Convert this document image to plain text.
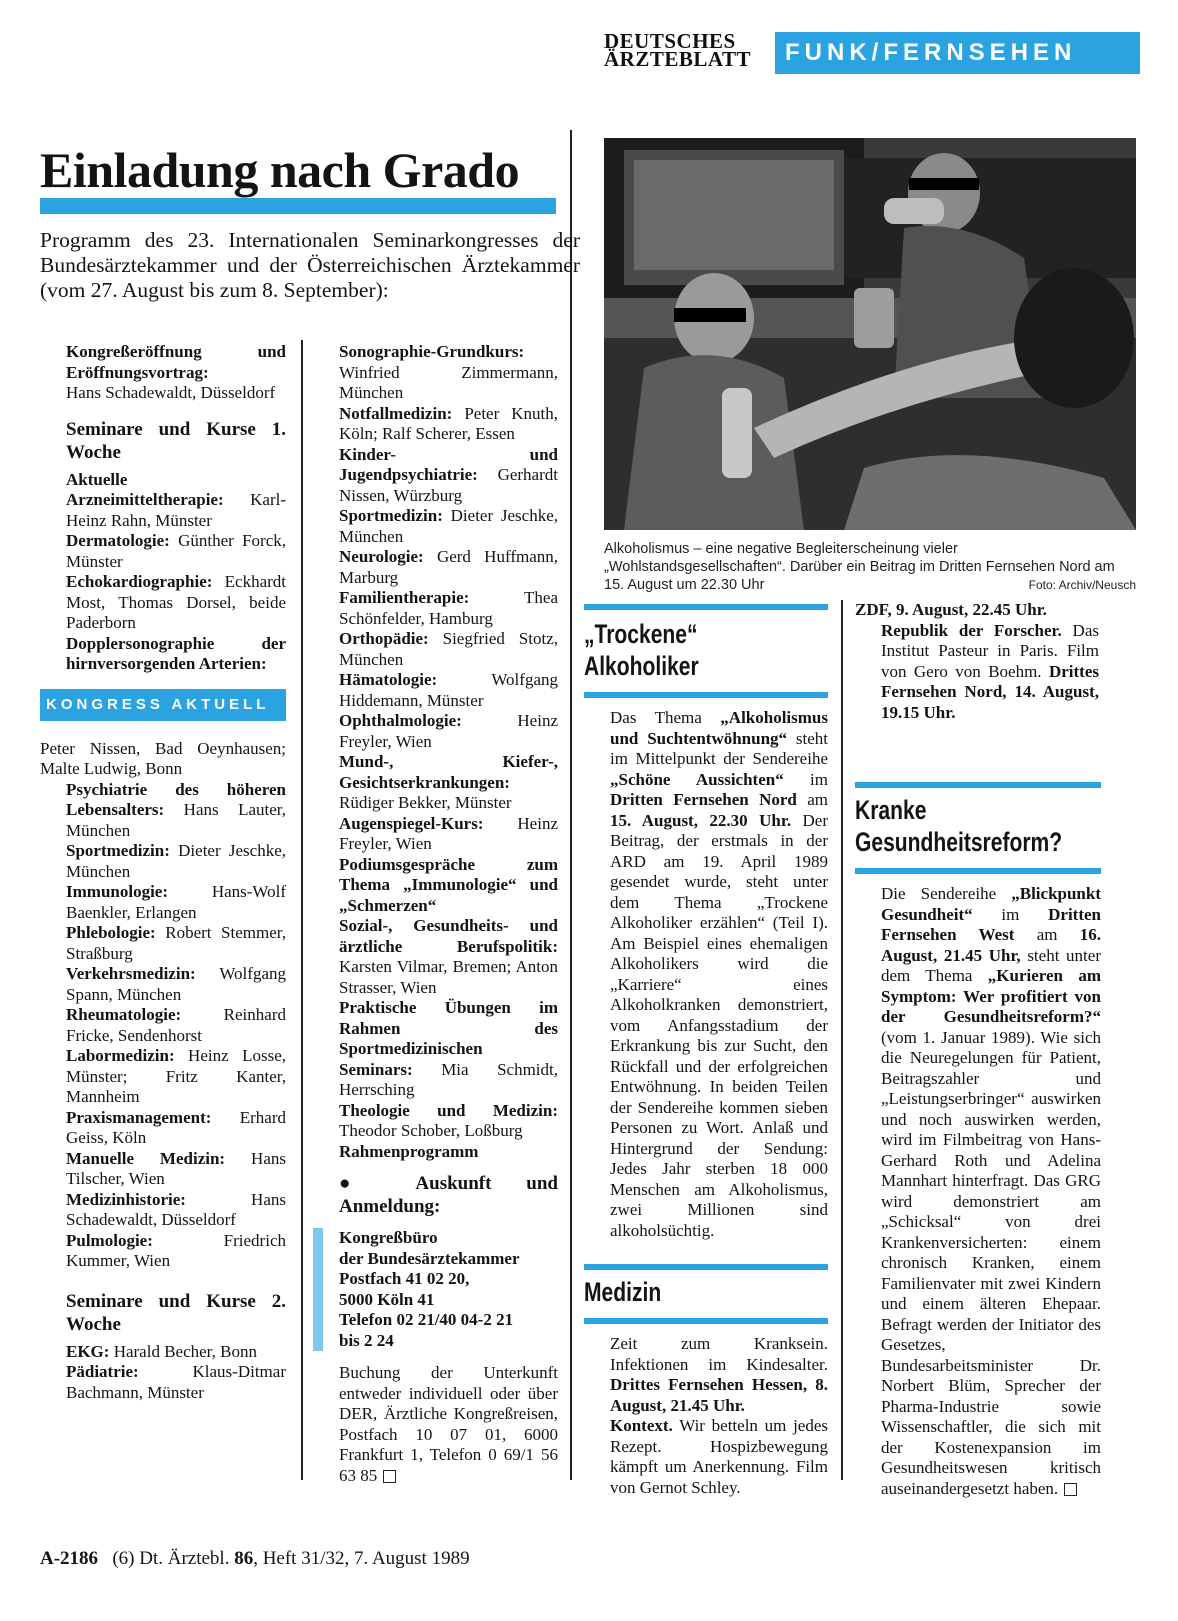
DEUTSCHES
ÄRZTEBLATT	FUNK/FERNSEHEN
Einladung nach Grado
Programm des 23. Internationalen Seminarkongresses der Bundesärztekammer und der Österreichischen Ärztekammer (vom 27. August bis zum 8. September):

Kongreßeröffnung und Eröffnungsvortrag:

Hans Schadewaldt, Düsseldorf

Seminare und Kurse 1. Woche

Aktuelle Arzneimitteltherapie: Karl-Heinz Rahn, Münster

Dermatologie: Günther Forck, Münster

Echokardiographie: Eckhardt Most, Thomas Dorsel, beide Paderborn

Dopplersonographie der hirnversorgenden Arterien:

KONGRESS AKTUELL

Peter Nissen, Bad Oeynhausen; Malte Ludwig, Bonn

Psychiatrie des höheren Lebensalters: Hans Lauter, München

Sportmedizin: Dieter Jeschke, München

Immunologie:	Hans-Wolf Baenkler, Erlangen

Phlebologie: Robert Stemmer, Straßburg

Verkehrsmedizin: Wolfgang Spann, München

Rheumatologie: Reinhard Fricke, Sendenhorst

Labormedizin: Heinz Losse, Münster; Fritz Kanter, Mannheim

Praxismanagement: Erhard Geiss, Köln

Manuelle Medizin: Hans Tilscher, Wien

Medizinhistorie:	Hans Schadewaldt, Düsseldorf

Pulmologie:	Friedrich Kummer, Wien

Seminare und Kurse 2. Woche

EKG: Harald Becher, Bonn

Pädiatrie:	Klaus-Ditmar Bachmann, Münster

Sonographie-Grundkurs: Winfried Zimmermann, München

Notfallmedizin: Peter Knuth, Köln; Ralf Scherer, Essen

Kinder- und Jugendpsychiatrie: Gerhardt Nissen, Würzburg

Sportmedizin: Dieter Jeschke, München

Neurologie: Gerd Huffmann, Marburg

Familientherapie:	Thea Schönfelder, Hamburg

Orthopädie: Siegfried Stotz, München

Hämatologie:	Wolfgang Hiddemann, Münster

Ophthalmologie:	Heinz Freyler, Wien

Mund-, Kiefer-, Gesichtserkrankungen: Rüdiger Bekker, Münster

Augenspiegel-Kurs: Heinz Freyler, Wien

Podiumsgespräche zum Thema „Immunologie“ und „Schmerzen“

Sozial-, Gesundheits- und ärztliche Berufspolitik: Karsten Vilmar, Bremen; Anton Strasser, Wien

Praktische Übungen im Rahmen des Sportmedizinischen Seminars: Mia Schmidt, Herrsching

Theologie und Medizin: Theodor Schober, Loßburg

Rahmenprogramm

● Auskunft und Anmeldung:

Kongreßbüro
der Bundesärztekammer
Postfach 41 02 20,
5000 Köln 41
Telefon 02 21/40 04-2 21
bis 2 24

Buchung der Unterkunft entweder individuell oder über DER, Ärztliche Kongreßreisen, Postfach 10 07 01, 6000 Frankfurt 1, Telefon 0 69/1 56 63 85

Alkoholismus – eine negative Begleiterscheinung vieler „Wohlstandsgesellschaften“. Darüber ein Beitrag im Dritten Fernsehen Nord am 15. August um 22.30 Uhr	Foto: Archiv/Neusch
„Trockene“
Alkoholiker

Das Thema „Alkoholismus und Suchtentwöhnung“ steht im Mittelpunkt der Sendereihe „Schöne Aussichten“ im Dritten Fernsehen Nord am 15. August, 22.30 Uhr. Der Beitrag, der erstmals in der ARD am 19. April 1989 gesendet wurde, steht unter dem Thema „Trockene Alkoholiker erzählen“ (Teil I). Am Beispiel eines ehemaligen Alkoholikers wird die „Karriere“ eines Alkoholkranken demonstriert, vom Anfangsstadium der Erkrankung bis zur Sucht, den Rückfall und der erfolgreichen Entwöhnung. In beiden Teilen der Sendereihe kommen sieben Personen zu Wort. Anlaß und Hintergrund der Sendung: Jedes Jahr sterben 18 000 Menschen am Alkoholismus, zwei Millionen sind alkoholsüchtig.

Medizin

Zeit zum Kranksein. Infektionen im Kindesalter. Drittes Fernsehen Hessen, 8. August, 21.45 Uhr.

Kontext. Wir betteln um jedes Rezept. Hospizbewegung kämpft um Anerkennung. Film von Gernot Schley.

ZDF, 9. August, 22.45 Uhr.

Republik der Forscher. Das Institut Pasteur in Paris. Film von Gero von Boehm. Drittes Fernsehen Nord, 14. August, 19.15 Uhr.

Kranke
Gesundheitsreform?

Die Sendereihe „Blickpunkt Gesundheit“ im Dritten Fernsehen West am 16. August, 21.45 Uhr, steht unter dem Thema „Kurieren am Symptom: Wer profitiert von der Gesundheitsreform?“ (vom 1. Januar 1989). Wie sich die Neuregelungen für Patient, Beitragszahler und „Leistungserbringer“ auswirken und noch auswirken werden, wird im Filmbeitrag von Hans-Gerhard Roth und Adelina Mannhart hinterfragt. Das GRG wird demonstriert am „Schicksal“ von drei Krankenversicherten: einem chronisch Kranken, einem Familienvater mit zwei Kindern und einem älteren Ehepaar. Befragt werden der Initiator des Gesetzes, Bundesarbeitsminister Dr. Norbert Blüm, Sprecher der Pharma-Industrie sowie Wissenschaftler, die sich mit der Kostenexpansion im Gesundheitswesen kritisch auseinandergesetzt haben.

A-2186 (6) Dt. Ärztebl. 86, Heft 31/32, 7. August 1989
